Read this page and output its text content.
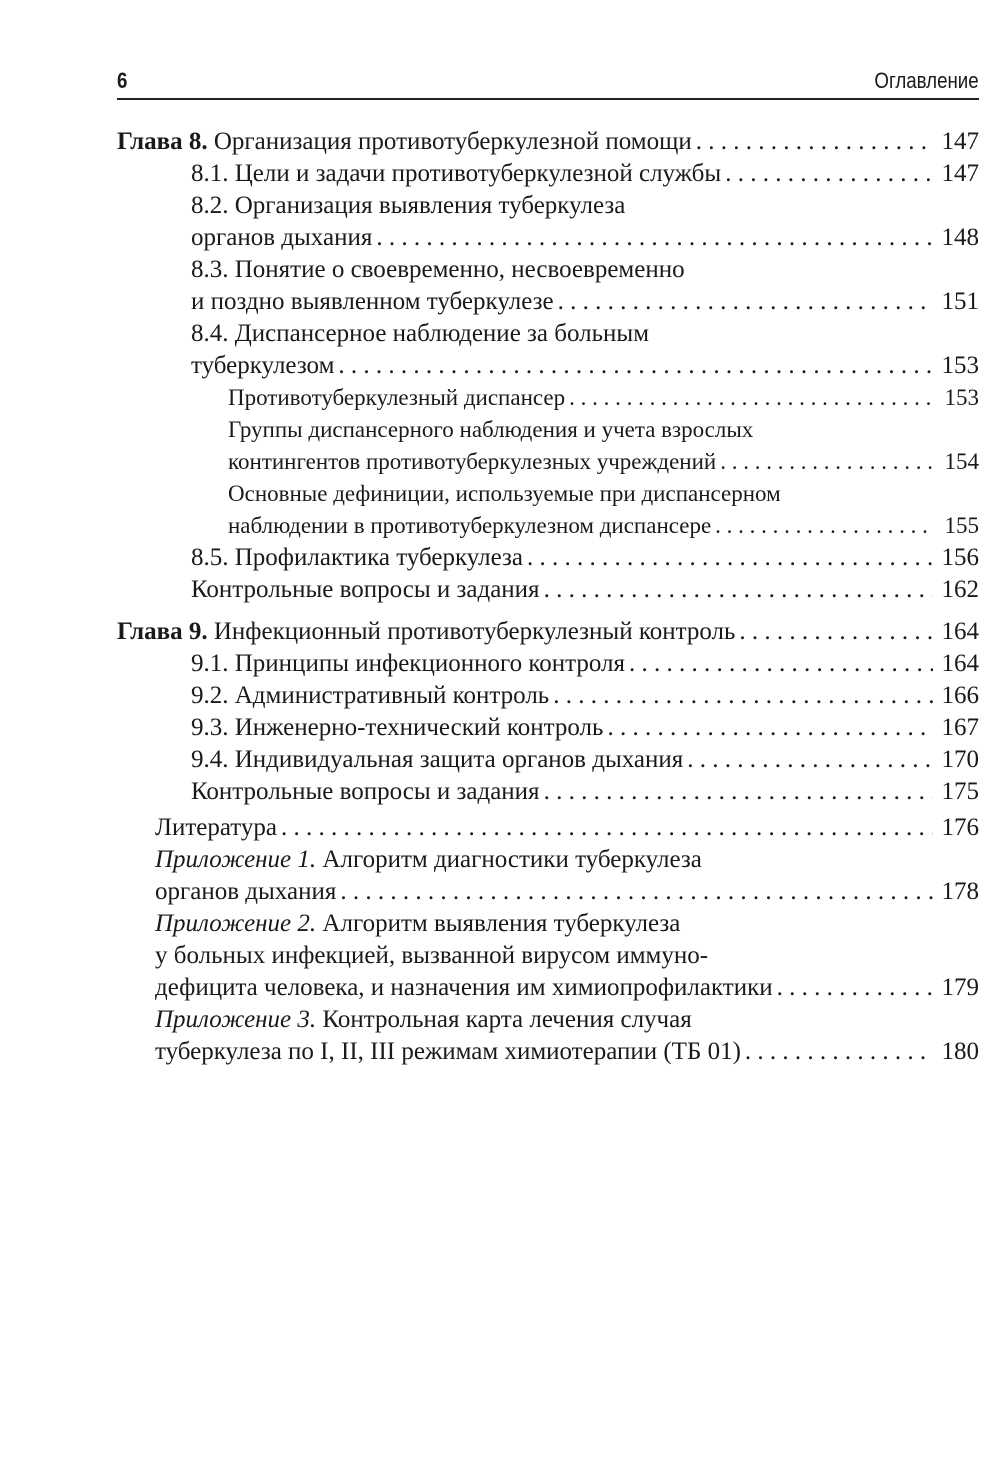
6	Оглавление
Глава 8. Организация противотуберкулезной помощи . . .	147
8.1. Цели и задачи противотуберкулезной службы . . .	147
8.2. Организация выявления туберкулеза
органов дыхания . . .	148
8.3. Понятие о своевременно, несвоевременно
и поздно выявленном туберкулезе . . .	151
8.4. Диспансерное наблюдение за больным
туберкулезом . . .	153
Противотуберкулезный диспансер . . .	153
Группы диспансерного наблюдения и учета взрослых
контингентов противотуберкулезных учреждений . . .	154
Основные дефиниции, используемые при диспансерном
наблюдении в противотуберкулезном диспансере . . .	155
8.5. Профилактика туберкулеза . . .	156
Контрольные вопросы и задания . . .	162
Глава 9. Инфекционный противотуберкулезный контроль . . .	164
9.1. Принципы инфекционного контроля . . .	164
9.2. Административный контроль . . .	166
9.3. Инженерно-технический контроль . . .	167
9.4. Индивидуальная защита органов дыхания . . .	170
Контрольные вопросы и задания . . .	175
Литература . . .	176
Приложение 1. Алгоритм диагностики туберкулеза
органов дыхания . . .	178
Приложение 2. Алгоритм выявления туберкулеза
у больных инфекцией, вызванной вирусом иммуно-
дефицита человека, и назначения им химиопрофилактики . . .	179
Приложение 3. Контрольная карта лечения случая
туберкулеза по I, II, III режимам химиотерапии (ТБ 01) . . .	180
